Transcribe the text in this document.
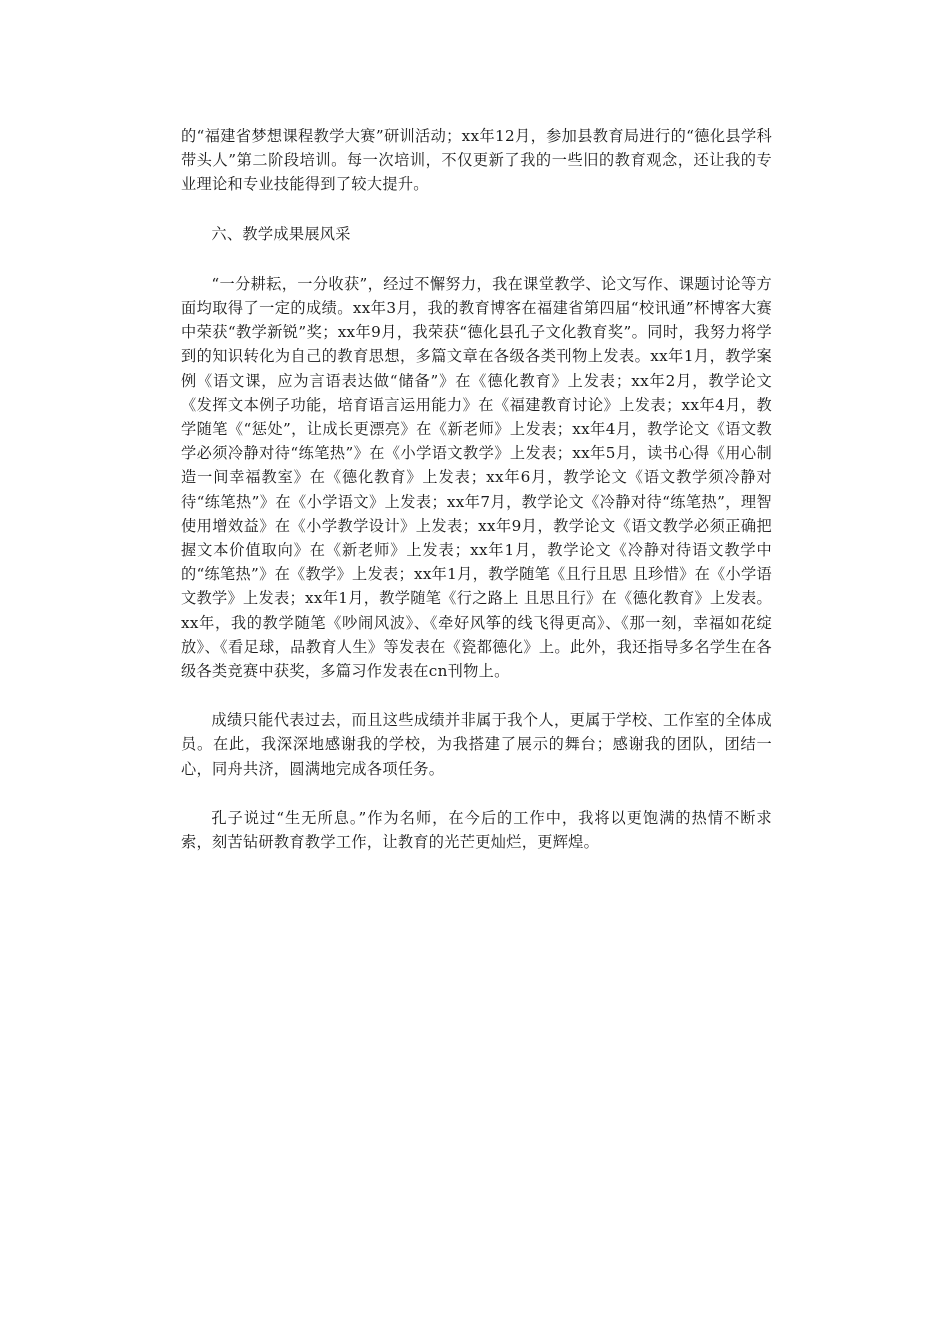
的“福建省梦想课程教学大赛”研训活动；xx年12月，参加县教育局进行的“德化县学科带头人”第二阶段培训。每一次培训，不仅更新了我的一些旧的教育观念，还让我的专业理论和专业技能得到了较大提升。

六、教学成果展风采

“一分耕耘，一分收获”，经过不懈努力，我在课堂教学、论文写作、课题讨论等方面均取得了一定的成绩。xx年3月，我的教育博客在福建省第四届“校讯通”杯博客大赛中荣获“教学新锐”奖；xx年9月，我荣获“德化县孔子文化教育奖”。同时，我努力将学到的知识转化为自己的教育思想，多篇文章在各级各类刊物上发表。xx年1月，教学案例《语文课，应为言语表达做“储备”》在《德化教育》上发表；xx年2月，教学论文《发挥文本例子功能，培育语言运用能力》在《福建教育讨论》上发表；xx年4月，教学随笔《“惩处”，让成长更漂亮》在《新老师》上发表；xx年4月，教学论文《语文教学必须冷静对待“练笔热”》在《小学语文教学》上发表；xx年5月，读书心得《用心制造一间幸福教室》在《德化教育》上发表；xx年6月，教学论文《语文教学须冷静对待“练笔热”》在《小学语文》上发表；xx年7月，教学论文《冷静对待“练笔热”，理智使用增效益》在《小学教学设计》上发表；xx年9月，教学论文《语文教学必须正确把握文本价值取向》在《新老师》上发表；xx年1月，教学论文《冷静对待语文教学中的“练笔热”》在《教学》上发表；xx年1月，教学随笔《且行且思 且珍惜》在《小学语文教学》上发表；xx年1月，教学随笔《行之路上 且思且行》在《德化教育》上发表。xx年，我的教学随笔《吵闹风波》、《牵好风筝的线飞得更高》、《那一刻，幸福如花绽放》、《看足球，品教育人生》等发表在《瓷都德化》上。此外，我还指导多名学生在各级各类竞赛中获奖，多篇习作发表在cn刊物上。

成绩只能代表过去，而且这些成绩并非属于我个人，更属于学校、工作室的全体成员。在此，我深深地感谢我的学校，为我搭建了展示的舞台；感谢我的团队，团结一心，同舟共济，圆满地完成各项任务。

孔子说过“生无所息。”作为名师，在今后的工作中，我将以更饱满的热情不断求索，刻苦钻研教育教学工作，让教育的光芒更灿烂，更辉煌。
